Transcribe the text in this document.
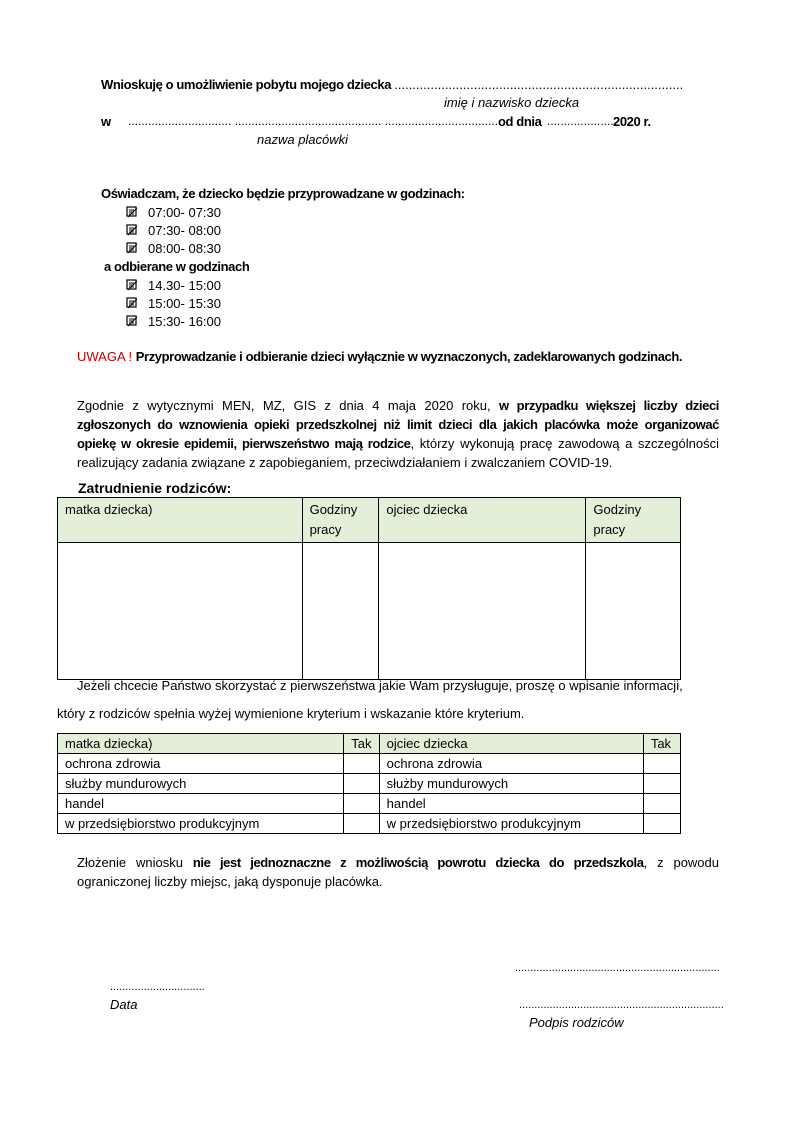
Wnioskuję o umożliwienie pobytu mojego dziecka ................................................................................
imię i nazwisko dziecka
w ............................... ............................................ .................................. od dnia .....................
2020 r.
nazwa placówki
Oświadczam, że dziecko będzie przyprowadzane w godzinach:
07:00- 07:30
07:30- 08:00
08:00- 08:30
a odbierane w godzinach
14.30- 15:00
15:00- 15:30
15:30- 16:00
UWAGA ! Przyprowadzanie i odbieranie dzieci wyłącznie w wyznaczonych, zadeklarowanych godzinach.
Zgodnie z wytycznymi MEN, MZ, GIS z dnia 4 maja 2020 roku, w przypadku większej liczby dzieci zgłoszonych do wznowienia opieki przedszkolnej niż limit dzieci dla jakich placówka może organizować opiekę w okresie epidemii, pierwszeństwo mają rodzice, którzy wykonują pracę zawodową a szczególności realizujący zadania związane z zapobieganiem, przeciwdziałaniem i zwalczaniem COVID-19.
Zatrudnienie rodziców:
matka dziecka)	Godziny pracy	ojciec dziecka	Godziny pracy

Jeżeli chcecie Państwo skorzystać z pierwszeństwa jakie Wam przysługuje, proszę o wpisanie informacji,
który z rodziców spełnia wyżej wymienione kryterium i wskazanie które kryterium.
matka dziecka)	Tak	ojciec dziecka	Tak
ochrona zdrowia		ochrona zdrowia	
służby mundurowych		służby mundurowych	
handel		handel	
w przedsiębiorstwo produkcyjnym		w przedsiębiorstwo produkcyjnym	
Złożenie wniosku nie jest jednoznaczne z możliwością powrotu dziecka do przedszkola, z powodu ograniczonej liczby miejsc, jaką dysponuje placówka.
...................................................................
...............................
Data	...................................................................
Podpis rodziców
